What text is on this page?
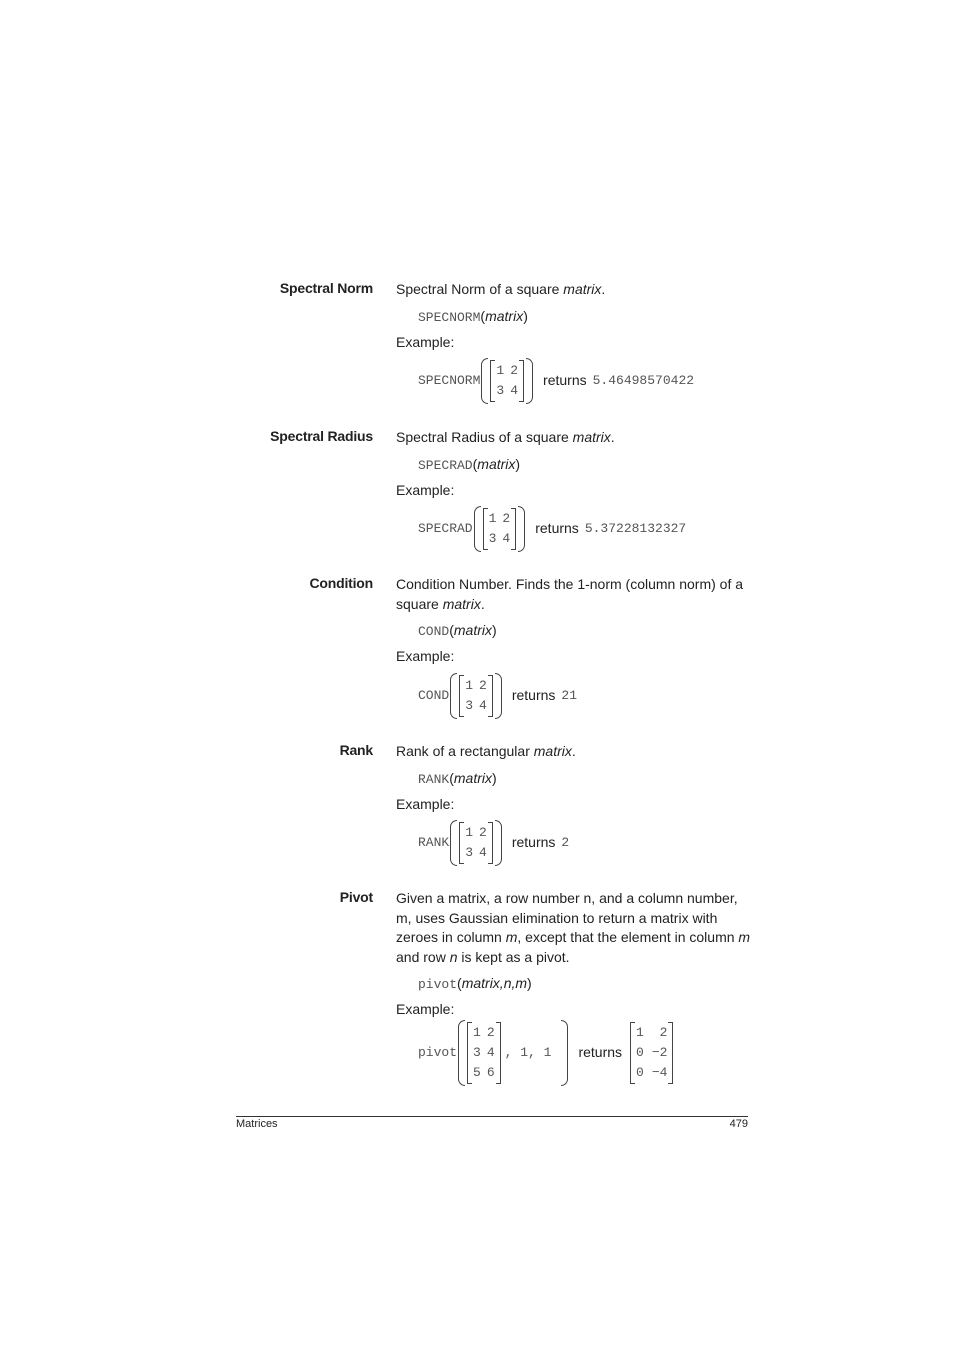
Spectral Norm Spectral Norm of a square matrix.

SPECNORM(matrix)

Example:

SPECNORM
1 2
3 4
returns 5.46498570422
Spectral Radius Spectral Radius of a square matrix.

SPECRAD(matrix)

Example:

SPECRAD
1 2
3 4
returns 5.37228132327
Condition Condition Number. Finds the 1-norm (column norm) of a square matrix.

COND(matrix)

Example:

COND
1 2
3 4
returns 21
Rank Rank of a rectangular matrix.

RANK(matrix)

Example:

RANK
1 2
3 4
returns 2
Pivot Given a matrix, a row number n, and a column number, m, uses Gaussian elimination to return a matrix with zeroes in column m, except that the element in column m and row n is kept as a pivot.

pivot(matrix,n,m)

Example:

pivot
1 2
3 4
5 6
, 1, 1 returns
1 2
0 −2
0 −4
Matrices	479
